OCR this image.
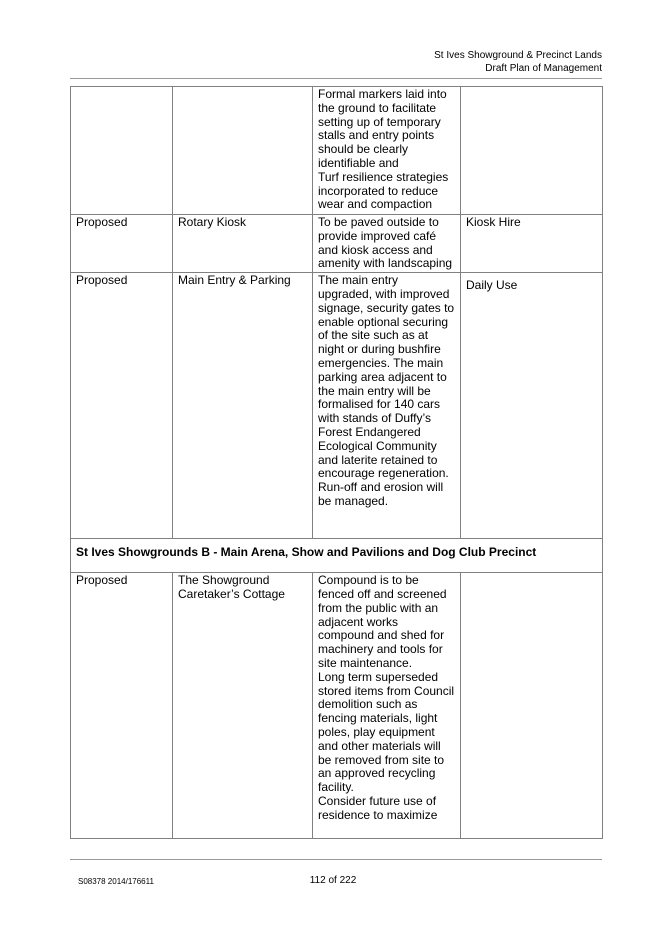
St Ives Showground & Precinct Lands
Draft Plan of Management

		Formal markers laid into the ground to facilitate setting up of temporary stalls and entry points should be clearly identifiable and
Turf resilience strategies incorporated to reduce wear and compaction	

Proposed	Rotary Kiosk	To be paved outside to provide improved café and kiosk access and amenity with landscaping	Kiosk Hire
Proposed	Main Entry & Parking	The main entry upgraded, with improved signage, security gates to enable optional securing of the site such as at night or during bushfire emergencies. The main parking area adjacent to the main entry will be formalised for 140 cars with stands of Duffy’s Forest Endangered Ecological Community and laterite retained to encourage regeneration. Run-off and erosion will be managed.	Daily Use

St Ives Showgrounds B - Main Arena, Show and Pavilions and Dog Club Precinct			
Proposed	The Showground Caretaker’s Cottage	Compound is to be fenced off and screened from the public with an adjacent works compound and shed for machinery and tools for site maintenance.
Long term superseded stored items from Council demolition such as fencing materials, light poles, play equipment and other materials will be removed from site to an approved recycling facility.
Consider future use of residence to maximize	

S08378 2014/176611	112 of 222
